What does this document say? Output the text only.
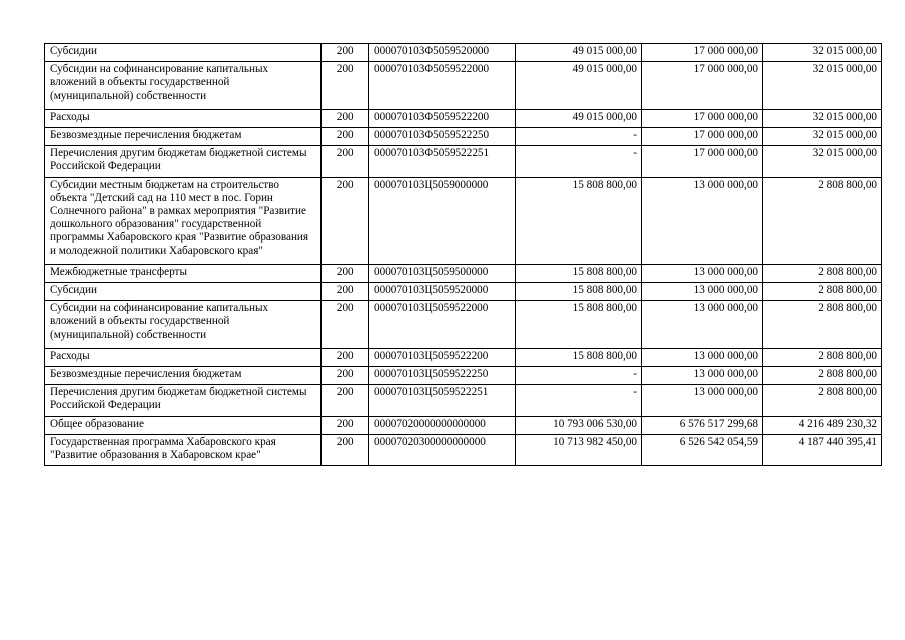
Субсидии	200	000070103Ф5059520000	49 015 000,00	17 000 000,00	32 015 000,00
Субсидии на софинансирование капитальных вложений в объекты государственной (муниципальной) собственности	200	000070103Ф5059522000	49 015 000,00	17 000 000,00	32 015 000,00
Расходы	200	000070103Ф5059522200	49 015 000,00	17 000 000,00	32 015 000,00
Безвозмездные перечисления бюджетам	200	000070103Ф5059522250	-	17 000 000,00	32 015 000,00
Перечисления другим бюджетам бюджетной системы Российской Федерации	200	000070103Ф5059522251	-	17 000 000,00	32 015 000,00
Субсидии местным бюджетам на строительство объекта "Детский сад на 110 мест в пос. Горин Солнечного района" в рамках мероприятия "Развитие дошкольного образования" государственной программы Хабаровского края "Развитие образования и молодежной политики Хабаровского края"	200	000070103Ц5059000000	15 808 800,00	13 000 000,00	2 808 800,00
Межбюджетные трансферты	200	000070103Ц5059500000	15 808 800,00	13 000 000,00	2 808 800,00
Субсидии	200	000070103Ц5059520000	15 808 800,00	13 000 000,00	2 808 800,00
Субсидии на софинансирование капитальных вложений в объекты государственной (муниципальной) собственности	200	000070103Ц5059522000	15 808 800,00	13 000 000,00	2 808 800,00
Расходы	200	000070103Ц5059522200	15 808 800,00	13 000 000,00	2 808 800,00
Безвозмездные перечисления бюджетам	200	000070103Ц5059522250	-	13 000 000,00	2 808 800,00
Перечисления другим бюджетам бюджетной системы Российской Федерации	200	000070103Ц5059522251	-	13 000 000,00	2 808 800,00
Общее образование	200	00007020000000000000	10 793 006 530,00	6 576 517 299,68	4 216 489 230,32
Государственная программа Хабаровского края "Развитие образования в Хабаровском крае"	200	00007020300000000000	10 713 982 450,00	6 526 542 054,59	4 187 440 395,41
